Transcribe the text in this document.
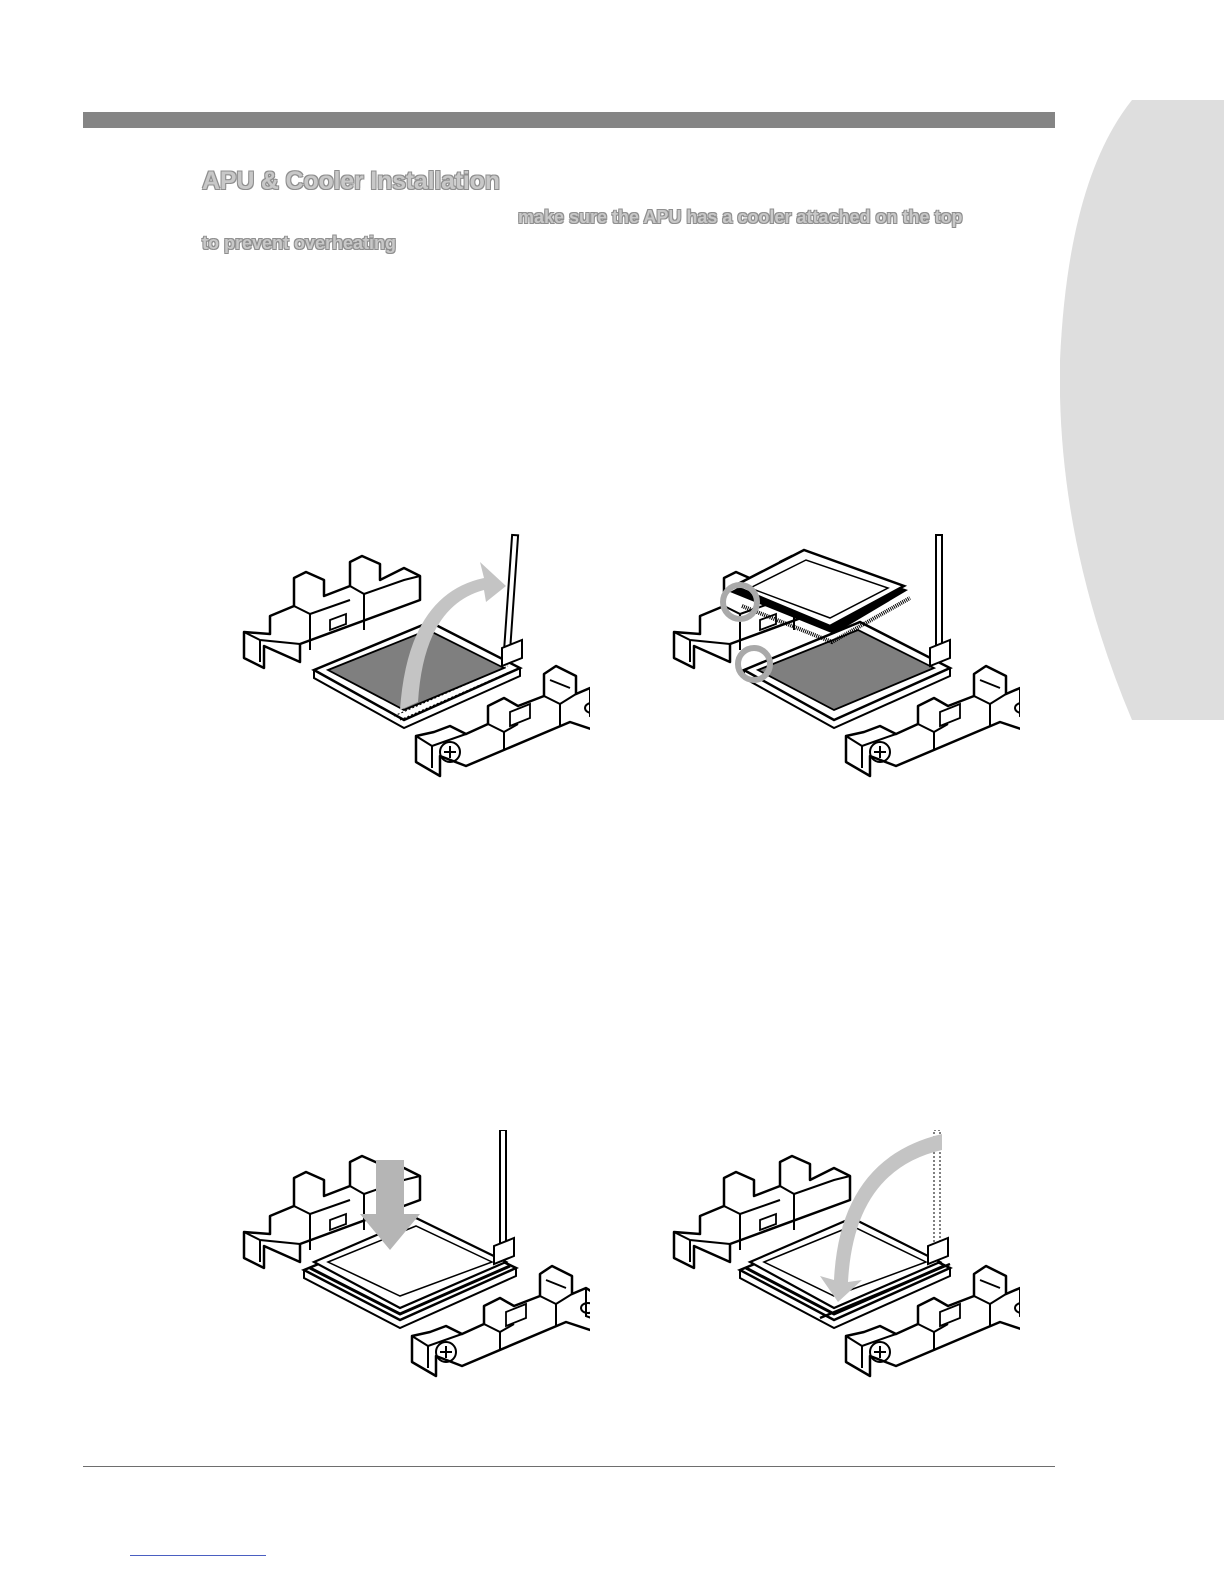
APU & Cooler Installation

make sure the APU has a cooler attached on the top

to prevent overheating
